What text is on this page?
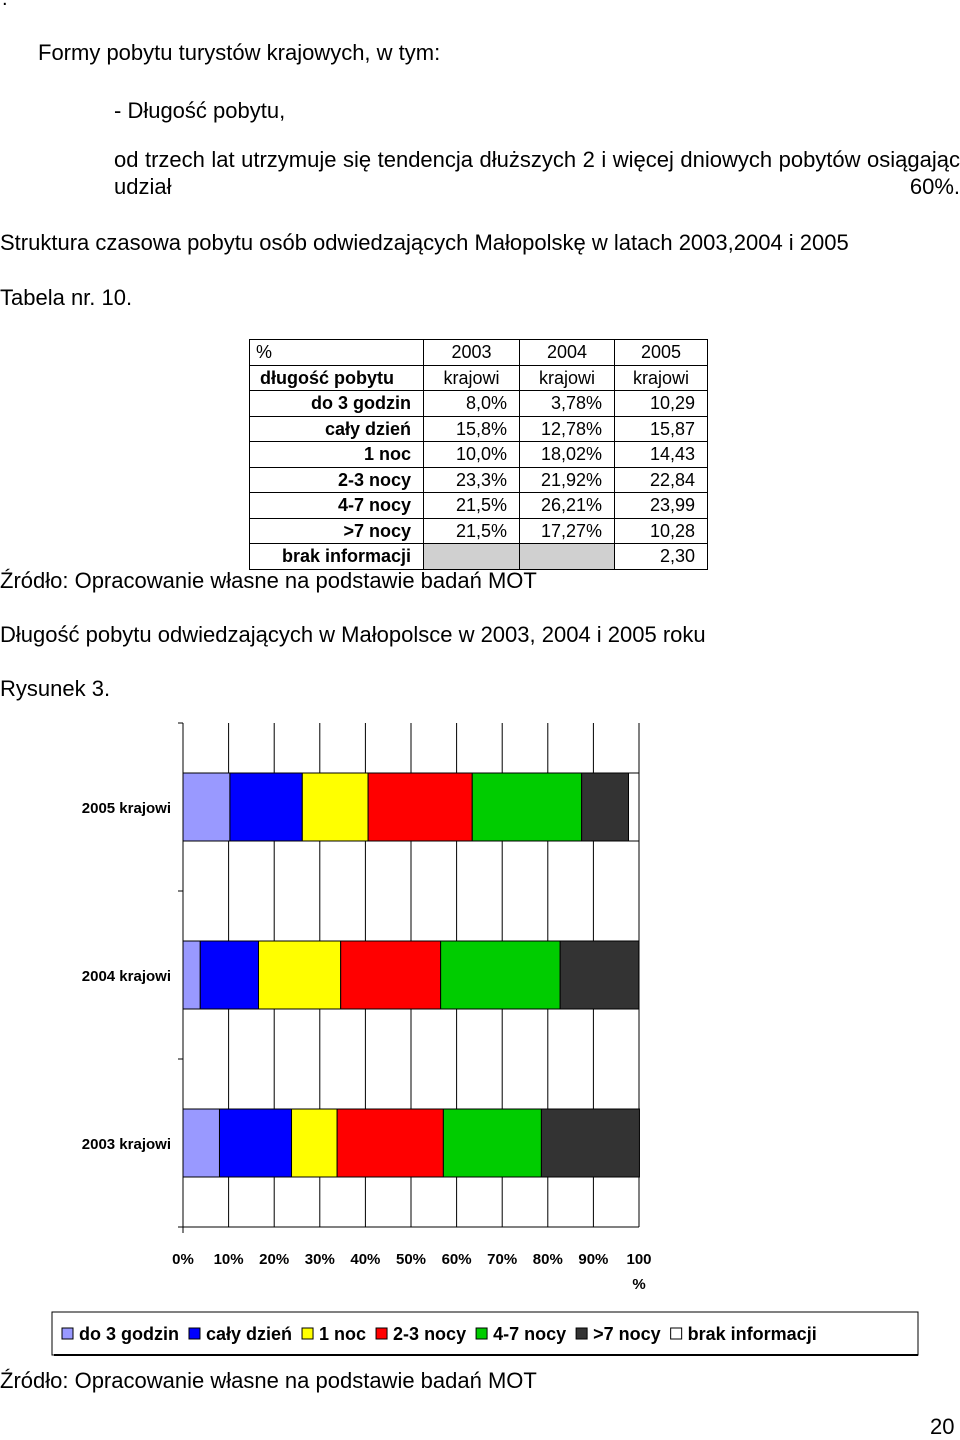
Formy pobytu turystów krajowych, w tym:
- Długość pobytu,
od trzech lat utrzymuje się tendencja dłuższych 2 i więcej dniowych pobytów osiągając udział 60%.
Struktura czasowa pobytu osób odwiedzających Małopolskę w latach 2003,2004 i 2005
Tabela nr. 10.
%	2003	2004	2005
długość pobytu	krajowi	krajowi	krajowi
do 3 godzin	8,0%	3,78%	10,29
cały dzień	15,8%	12,78%	15,87
1 noc	10,0%	18,02%	14,43
2-3 nocy	23,3%	21,92%	22,84
4-7 nocy	21,5%	26,21%	23,99
>7 nocy	21,5%	17,27%	10,28
brak informacji			2,30
Źródło: Opracowanie własne na podstawie badań MOT
Długość pobytu odwiedzających w Małopolsce w 2003, 2004 i 2005 roku
Rysunek 3.
2005 krajowi
2004 krajowi
2003 krajowi
0% 10% 20% 30% 40% 50% 60% 70% 80% 90% 100
%
do 3 godzin cały dzień 1 noc 2-3 nocy 4-7 nocy >7 nocy brak informacji
Źródło: Opracowanie własne na podstawie badań MOT
20
